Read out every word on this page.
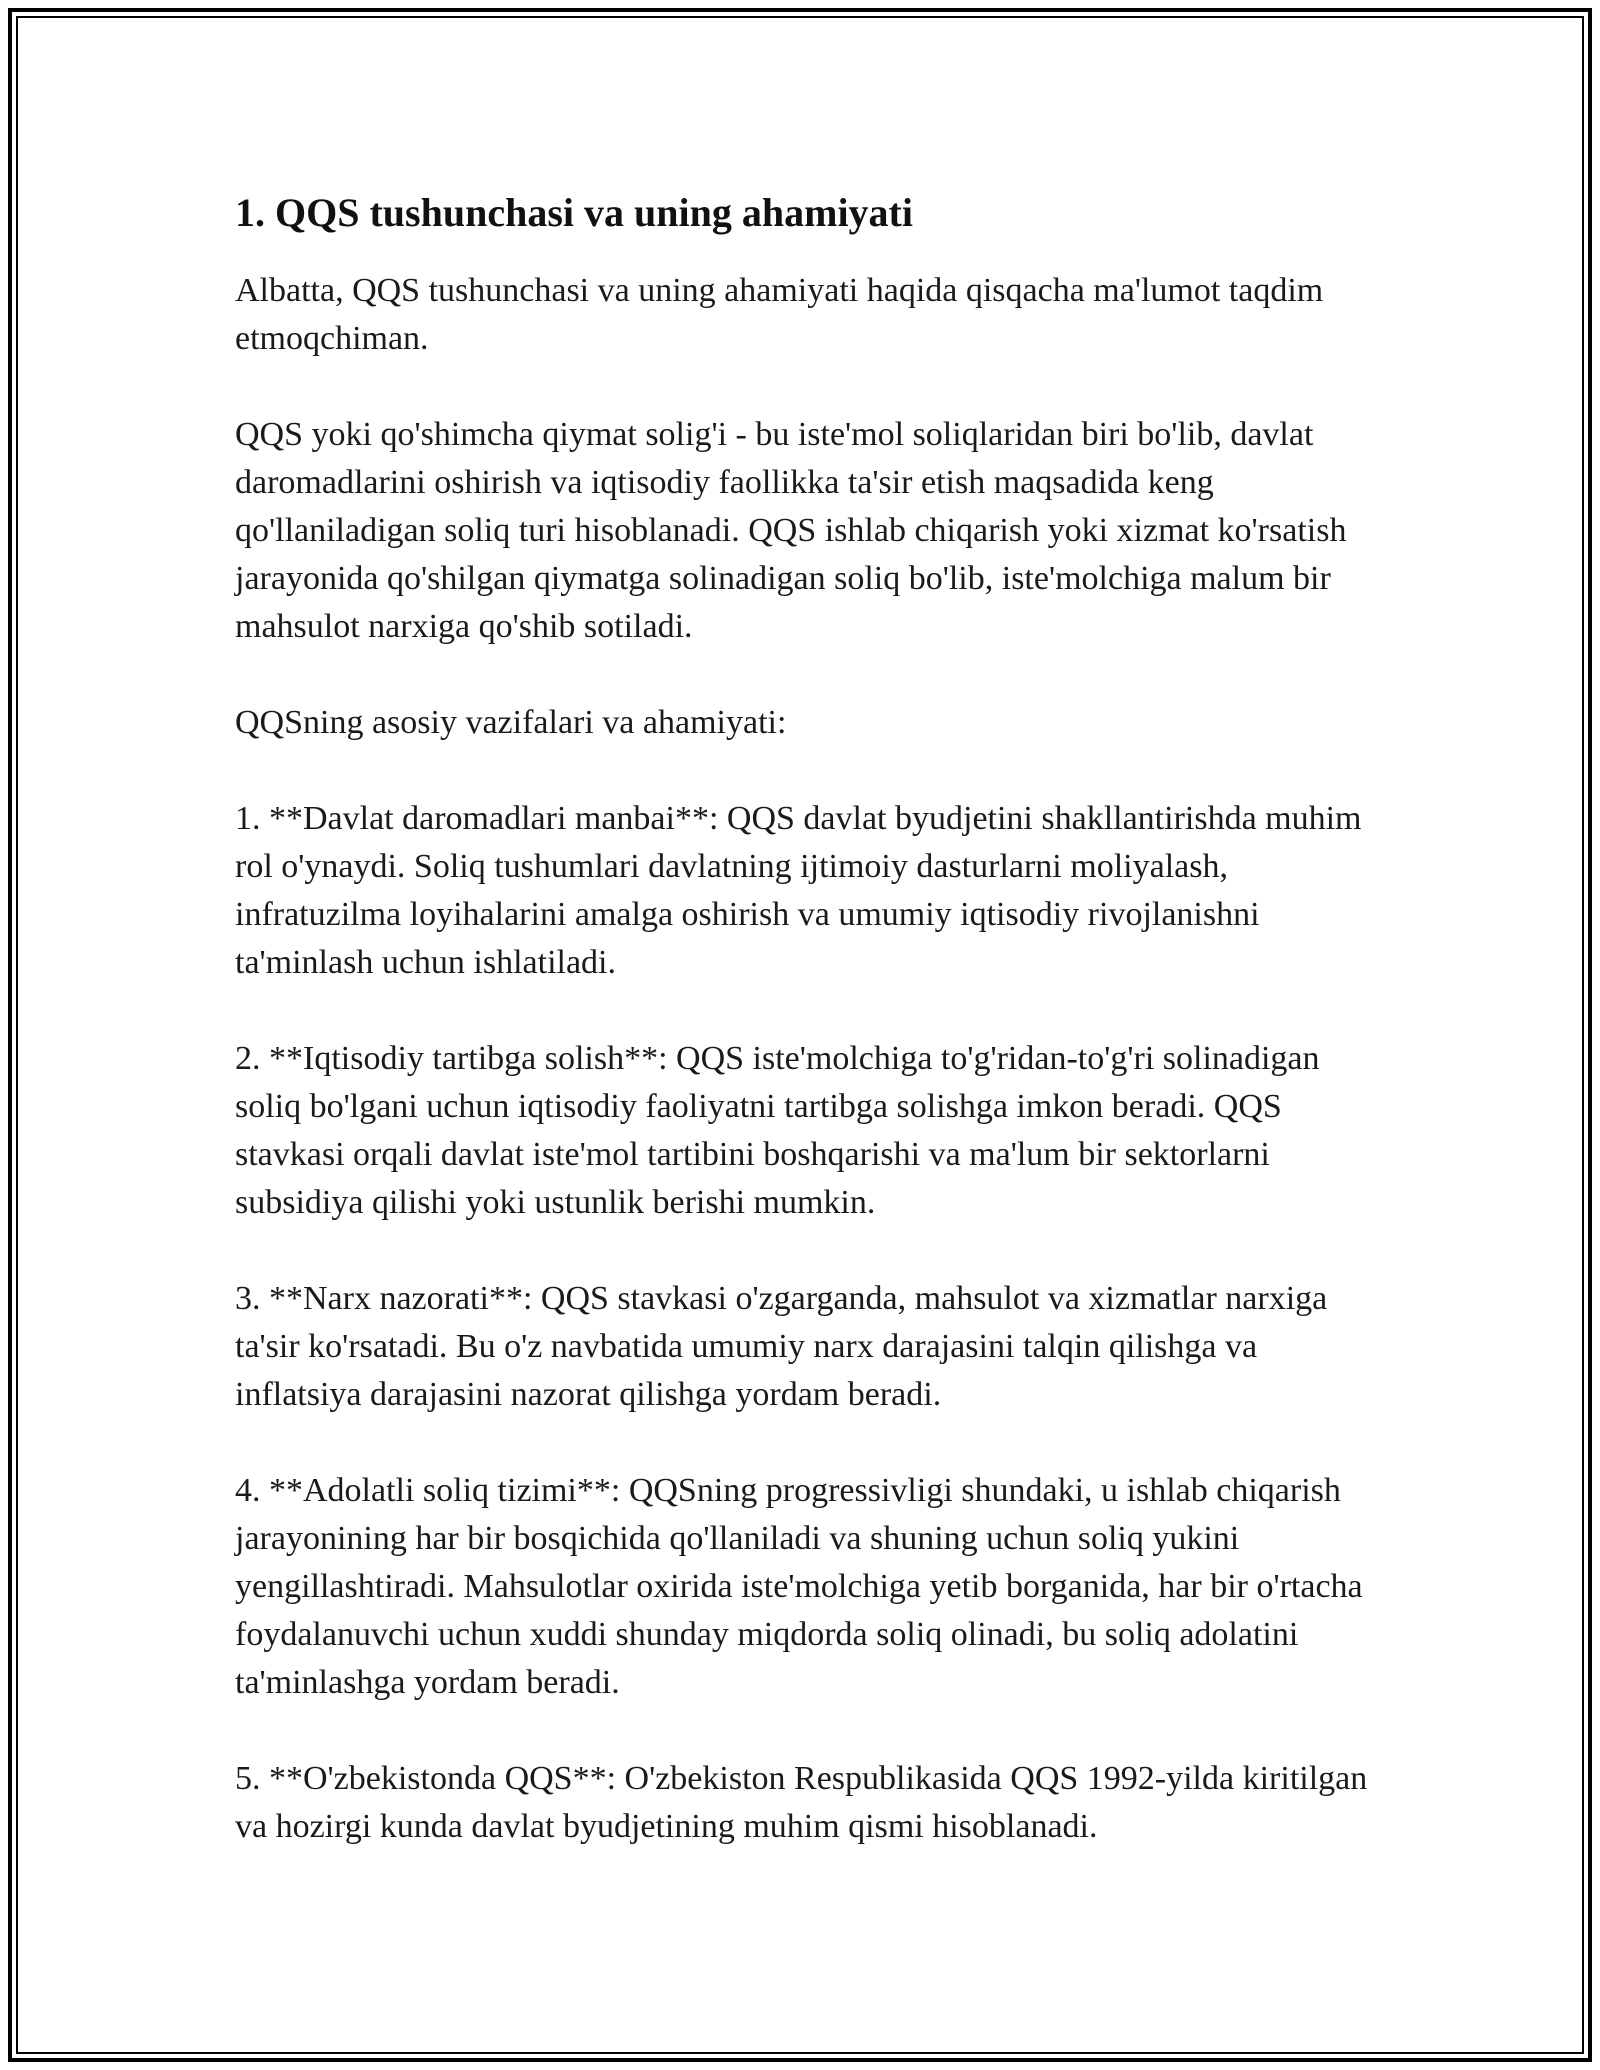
1. QQS tushunchasi va uning ahamiyati

Albatta, QQS tushunchasi va uning ahamiyati haqida qisqacha ma'lumot taqdim etmoqchiman.

QQS yoki qo'shimcha qiymat solig'i - bu iste'mol soliqlaridan biri bo'lib, davlat daromadlarini oshirish va iqtisodiy faollikka ta'sir etish maqsadida keng qo'llaniladigan soliq turi hisoblanadi. QQS ishlab chiqarish yoki xizmat ko'rsatish jarayonida qo'shilgan qiymatga solinadigan soliq bo'lib, iste'molchiga malum bir mahsulot narxiga qo'shib sotiladi.

QQSning asosiy vazifalari va ahamiyati:

1. **Davlat daromadlari manbai**: QQS davlat byudjetini shakllantirishda muhim rol o'ynaydi. Soliq tushumlari davlatning ijtimoiy dasturlarni moliyalash, infratuzilma loyihalarini amalga oshirish va umumiy iqtisodiy rivojlanishni ta'minlash uchun ishlatiladi.

2. **Iqtisodiy tartibga solish**: QQS iste'molchiga to'g'ridan-to'g'ri solinadigan soliq bo'lgani uchun iqtisodiy faoliyatni tartibga solishga imkon beradi. QQS stavkasi orqali davlat iste'mol tartibini boshqarishi va ma'lum bir sektorlarni subsidiya qilishi yoki ustunlik berishi mumkin.

3. **Narx nazorati**: QQS stavkasi o'zgarganda, mahsulot va xizmatlar narxiga ta'sir ko'rsatadi. Bu o'z navbatida umumiy narx darajasini talqin qilishga va inflatsiya darajasini nazorat qilishga yordam beradi.

4. **Adolatli soliq tizimi**: QQSning progressivligi shundaki, u ishlab chiqarish jarayonining har bir bosqichida qo'llaniladi va shuning uchun soliq yukini yengillashtiradi. Mahsulotlar oxirida iste'molchiga yetib borganida, har bir o'rtacha foydalanuvchi uchun xuddi shunday miqdorda soliq olinadi, bu soliq adolatini ta'minlashga yordam beradi.

5. **O'zbekistonda QQS**: O'zbekiston Respublikasida QQS 1992-yilda kiritilgan va hozirgi kunda davlat byudjetining muhim qismi hisoblanadi.
